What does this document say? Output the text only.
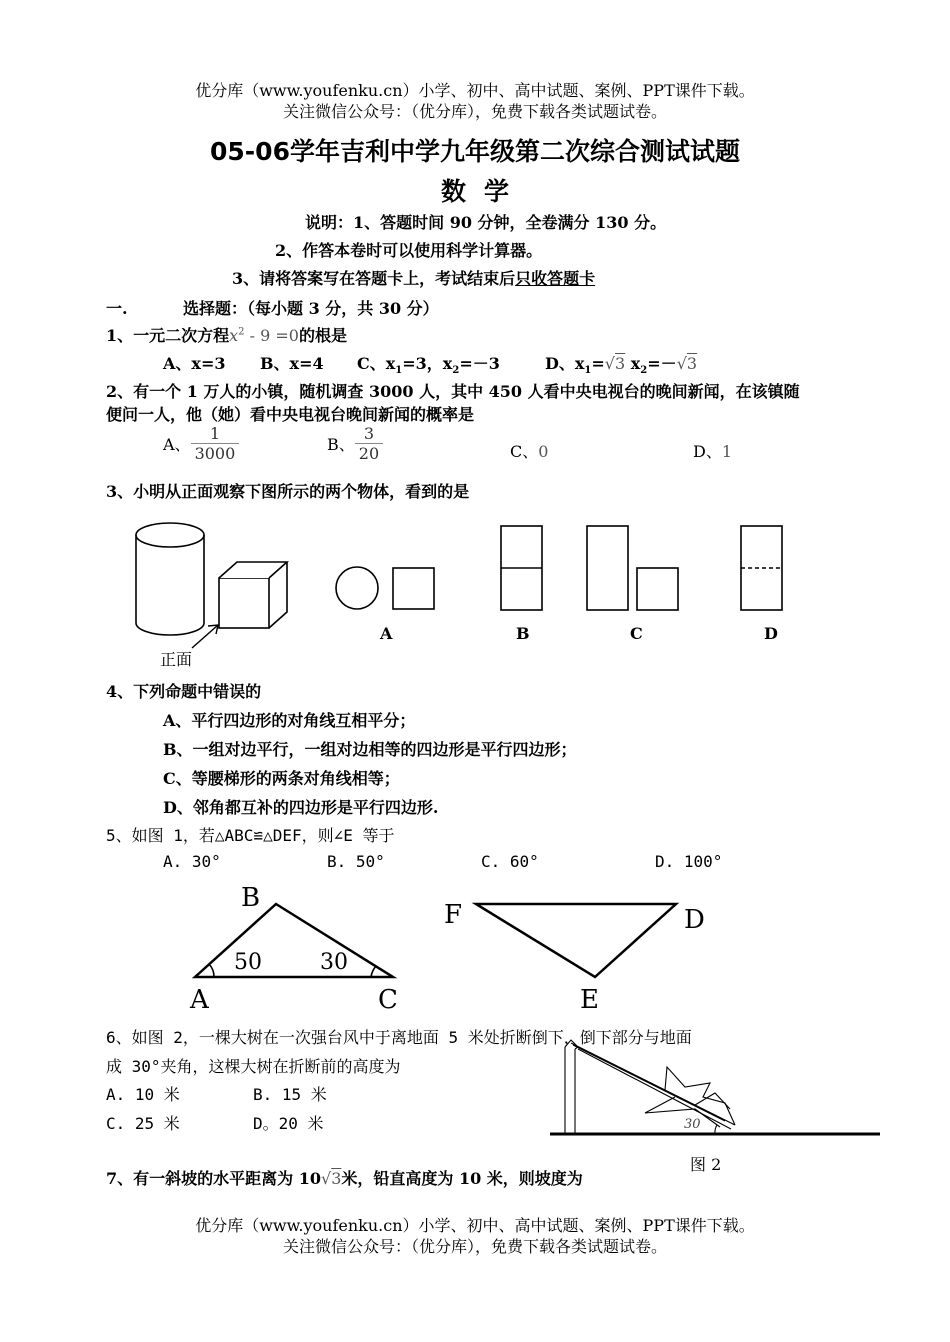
优分库（www.youfenku.cn）小学、初中、高中试题、案例、PPT课件下载。
关注微信公众号：（优分库），免费下载各类试题试卷。
05-06学年吉利中学九年级第二次综合测试试题
数学
说明：1、答题时间 90 分钟，全卷满分 130 分。
2、作答本卷时可以使用科学计算器。
3、请将答案写在答题卡上，考试结束后只收答题卡
一.	选择题：（每小题 3 分，共 30 分）
1、一元二次方程$x^2 - 9 =0$的根是
A、x=3 B、x=4 C、$x_1=3$，$x_2=-3$	D、$x_1=√3$ $x_2=-√3$
2、有一个 1 万人的小镇，随机调查 3000 人，其中 450 人看中央电视台的晚间新闻，在该镇随
便问一人，他（她）看中央电视台晚间新闻的概率是
A、 $\frac{1}{3000}$	B、 $\frac{3}{20}$	C、0	D、1
3、小明从正面观察下图所示的两个物体，看到的是
正面
A	B	C	D
4、下列命题中错误的
A、平行四边形的对角线互相平分；
B、一组对边平行，一组对边相等的四边形是平行四边形；
C、等腰梯形的两条对角线相等；
D、邻角都互补的四边形是平行四边形.
5、如图 1，若△ABC≌△DEF，则∠E 等于
A. 30°	B. 50°	C. 60°	D. 100°
B
A	C
50	30
F	D
E
6、如图 2，一棵大树在一次强台风中于离地面 5 米处折断倒下，倒下部分与地面
成 30°夹角，这棵大树在折断前的高度为
A. 10 米	B. 15 米
C. 25 米	D。20 米	30
图 2
7、有一斜坡的水平距离为 10√3米，铅直高度为 10 米，则坡度为
优分库（www.youfenku.cn）小学、初中、高中试题、案例、PPT课件下载。
关注微信公众号：（优分库），免费下载各类试题试卷。
